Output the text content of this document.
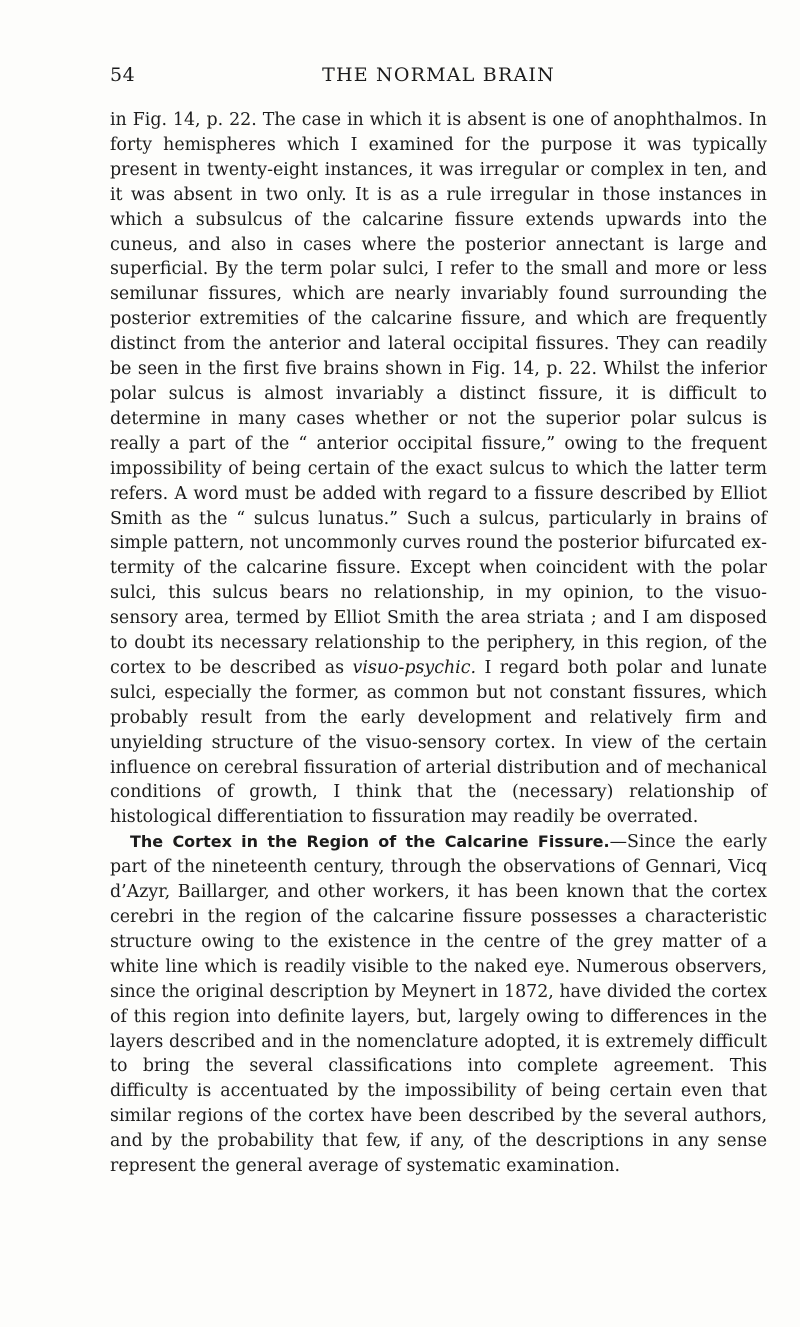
54	THE NORMAL BRAIN

in Fig. 14, p. 22. The case in which it is absent is one of anophthalmos. In forty hemispheres which I examined for the purpose it was typically present in twenty-eight instances, it was irregular or complex in ten, and it was absent in two only. It is as a rule irregular in those instances in which a subsulcus of the calcarine fissure extends upwards into the cuneus, and also in cases where the posterior annectant is large and superficial. By the term polar sulci, I refer to the small and more or less semilunar fissures, which are nearly invariably found surrounding the posterior extremities of the calcarine fissure, and which are frequently distinct from the anterior and lateral occipital fissures. They can readily be seen in the first five brains shown in Fig. 14, p. 22. Whilst the inferior polar sulcus is almost invariably a distinct fissure, it is difficult to determine in many cases whether or not the superior polar sulcus is really a part of the “ anterior occipital fissure,” owing to the frequent impossibility of being certain of the exact sulcus to which the latter term refers. A word must be added with regard to a fissure described by Elliot Smith as the “ sulcus lunatus.” Such a sulcus, particularly in brains of simple pattern, not uncommonly curves round the posterior bifurcated extermity of the calcarine fissure. Except when coincident with the polar sulci, this sulcus bears no relationship, in my opinion, to the visuo-sensory area, termed by Elliot Smith the area striata ; and I am disposed to doubt its necessary relationship to the periphery, in this region, of the cortex to be described as visuo-psychic. I regard both polar and lunate sulci, especially the former, as common but not constant fissures, which probably result from the early development and relatively firm and unyielding structure of the visuo-sensory cortex. In view of the certain influence on cerebral fissuration of arterial distribution and of mechanical conditions of growth, I think that the (necessary) relationship of histological differentiation to fissuration may readily be overrated.

The Cortex in the Region of the Calcarine Fissure.—Since the early part of the nineteenth century, through the observations of Gennari, Vicq d’Azyr, Baillarger, and other workers, it has been known that the cortex cerebri in the region of the calcarine fissure possesses a characteristic structure owing to the existence in the centre of the grey matter of a white line which is readily visible to the naked eye. Numerous observers, since the original description by Meynert in 1872, have divided the cortex of this region into definite layers, but, largely owing to differences in the layers described and in the nomenclature adopted, it is extremely difficult to bring the several classifications into complete agreement. This difficulty is accentuated by the impossibility of being certain even that similar regions of the cortex have been described by the several authors, and by the probability that few, if any, of the descriptions in any sense represent the general average of systematic examination.
